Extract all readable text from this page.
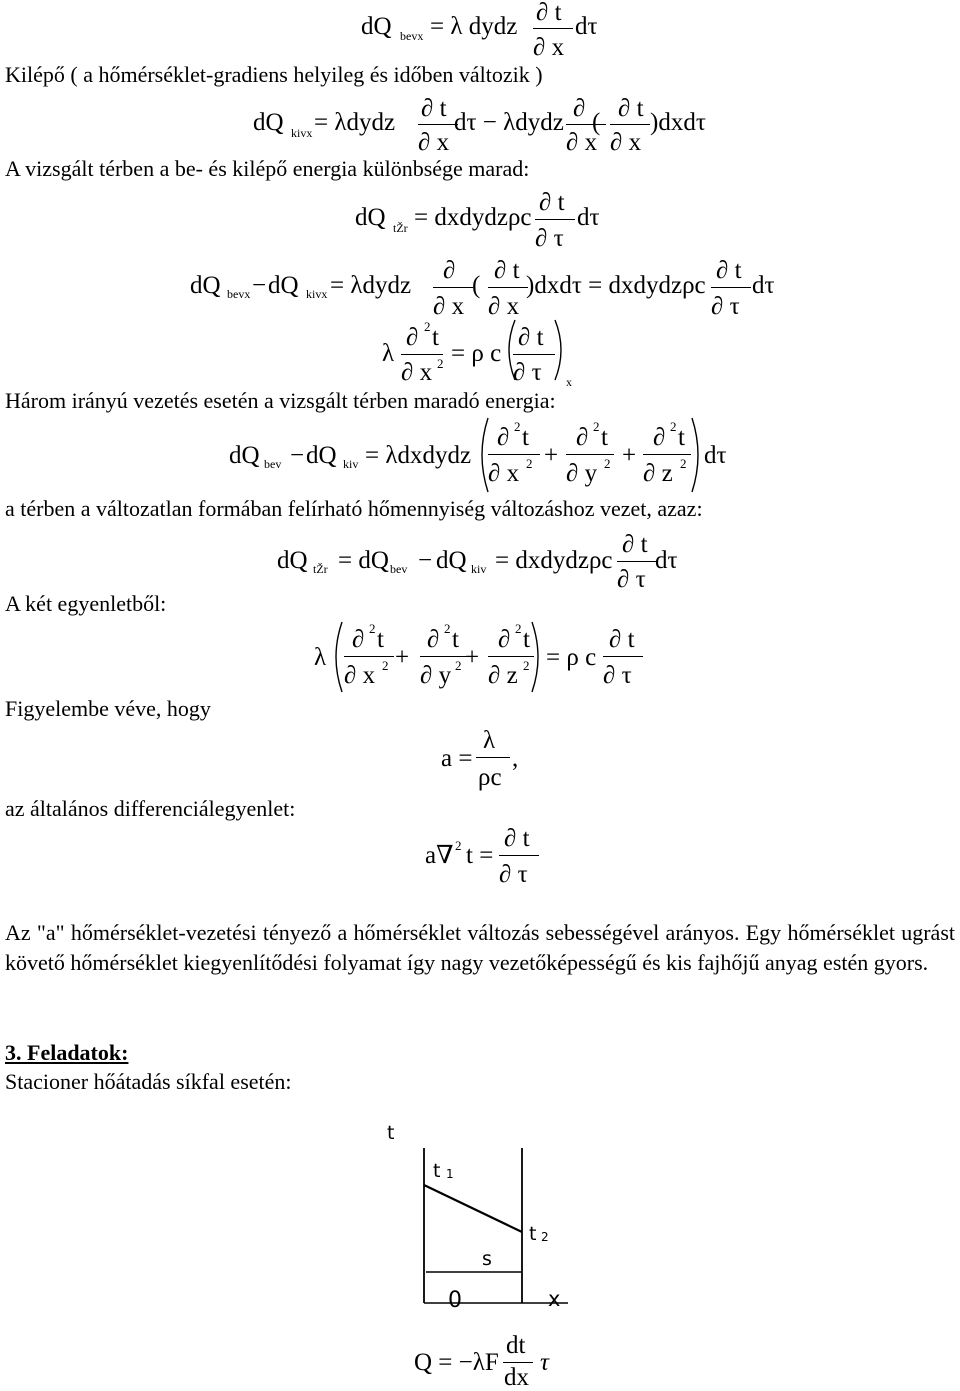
dQ bevx = λ dydz
∂ t
∂ x
dτ
Kilépő ( a hőmérséklet-gradiens helyileg és időben változik )
dQ kivx = λdydz
∂ t
∂ x
dτ − λdydz
∂
∂ x
(
∂ t
∂ x
)dxdτ
A vizsgált térben a be- és kilépő energia különbsége marad:
dQ tŽr = dxdydzρc
∂ t
∂ τ
dτ
dQ bevx − dQ kivx = λdydz
∂
∂ x
(
∂ t
∂ x
)dxdτ = dxdydzρc
∂ t
∂ τ
dτ
λ
∂ 2 t
∂ x 2 = ρ c
∂ t
∂ τ x
Három irányú vezetés esetén a vizsgált térben maradó energia:
dQ bev − dQ kiv = λdxdydz
∂ 2 t
∂ x 2 +
∂ 2 t
∂ y 2 +
∂ 2 t
∂ z 2 dτ
a térben a változatlan formában felírható hőmennyiség változáshoz vezet, azaz:
dQ tŽr = dQ bev − dQ kiv = dxdydzρc
∂ t
∂ τ
dτ
A két egyenletből:
λ
∂ 2 t
∂ x 2 +
∂ 2 t
∂ y 2 +
∂ 2 t
∂ z 2 = ρ c
∂ t
∂ τ
Figyelembe véve, hogy
a =
λ
ρc
,
az általános differenciálegyenlet:
a∇ 2 t =
∂ t
∂ τ
Az "a" hőmérséklet-vezetési tényező a hőmérséklet változás sebességével arányos. Egy hőmérséklet ugrást követő hőmérséklet kiegyenlítődési folyamat így nagy vezetőképességű és kis fajhőjű anyag estén gyors.
3. Feladatok:
Stacioner hőátadás síkfal esetén:
t
t 1
t 2
s
0	x
Q = −λF
dt
dx
τ
